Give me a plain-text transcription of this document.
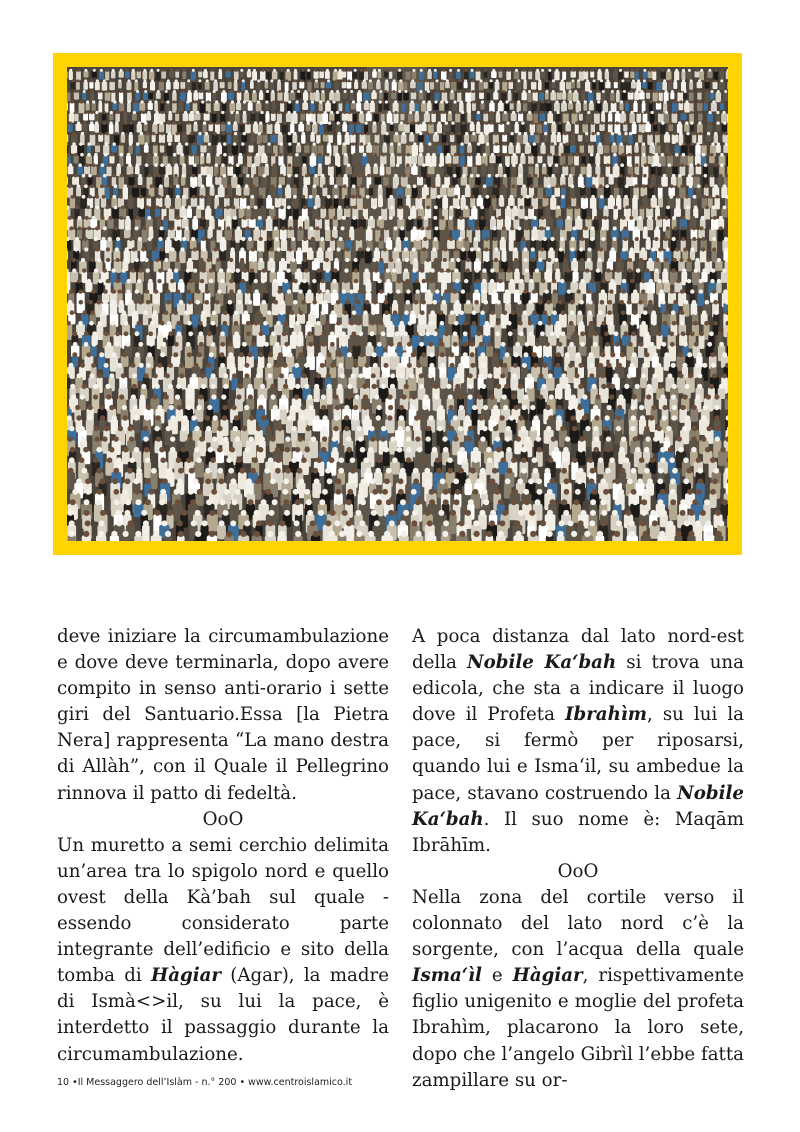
deve iniziare la circumambulazione e dove deve terminarla, dopo avere compito in senso anti-orario i sette giri del Santuario.Essa [la Pietra Nera] rappresenta “La mano destra di Allàh”, con il Quale il Pellegrino rinnova il patto di fedeltà.

OoO

Un muretto a semi cerchio delimita un’area tra lo spigolo nord e quello ovest della Kà’bah sul quale - essendo considerato parte integrante dell’edificio e sito della tomba di Hàgiar (Agar), la madre di Ismà<>il, su lui la pace, è interdetto il passaggio durante la circumambulazione.

A poca distanza dal lato nord-est della Nobile Ka‘bah si trova una edicola, che sta a indicare il luogo dove il Profeta Ibrahìm, su lui la pace, si fermò per riposarsi, quando lui e Isma‘il, su ambedue la pace, stavano costruendo la Nobile Ka‘bah. Il suo nome è: Maqām Ibrāhīm.

OoO

Nella zona del cortile verso il colonnato del lato nord c’è la sorgente, con l’acqua della quale Isma‘ìl e Hàgiar, rispettivamente figlio unigenito e moglie del profeta Ibrahìm, placarono la loro sete, dopo che l’angelo Gibrìl l’ebbe fatta zampillare su or-

10 •Il Messaggero dell’Islàm - n.° 200 • www.centroislamico.it
